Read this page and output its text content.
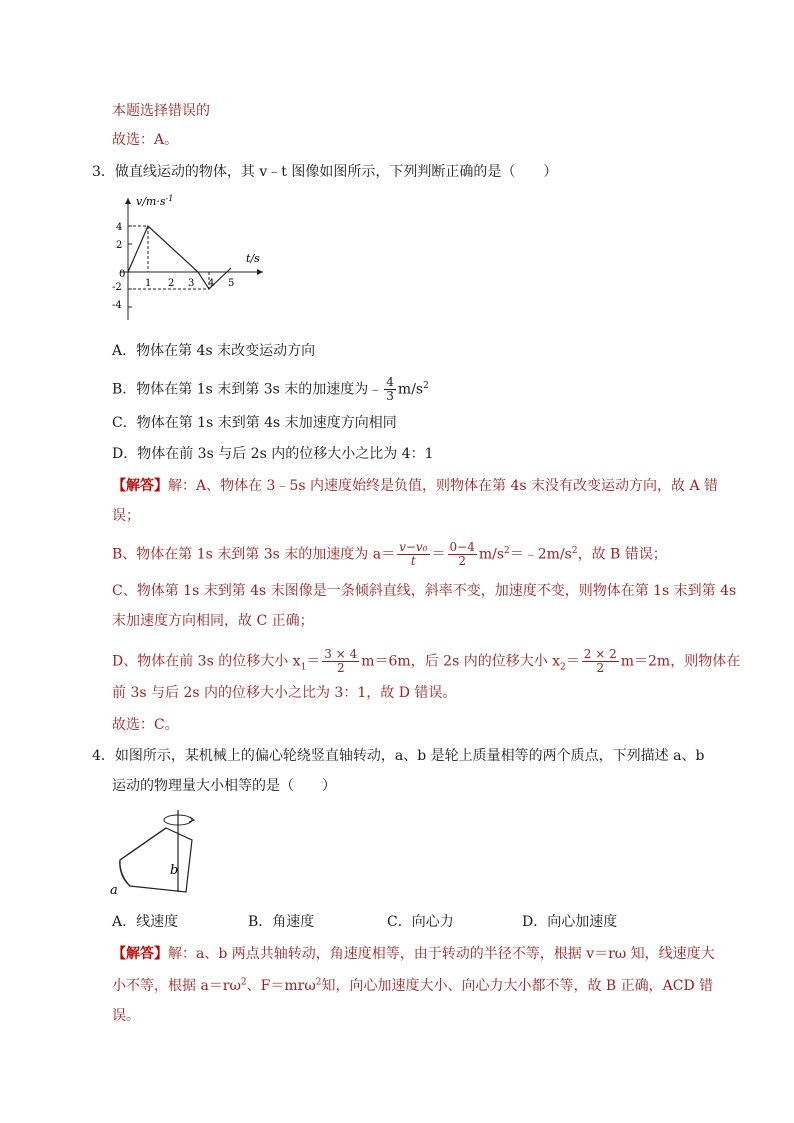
本题选择错误的
故选：A。
3．做直线运动的物体，其 v﹣t 图像如图所示，下列判断正确的是（　　）
$v/m\cdot s^{-1}$
t/s
4
2
0
-2
-4
1 2 3 4 5
A．物体在第 4s 末改变运动方向
B．物体在第 1s 末到第 3s 末的加速度为﹣ $\frac{4}{3} m/s^2$
C．物体在第 1s 末到第 4s 末加速度方向相同
D．物体在前 3s 与后 2s 内的位移大小之比为 4：1
【解答】解：A、物体在 3﹣5s 内速度始终是负值，则物体在第 4s 末没有改变运动方向，故 A 错
误；
B、物体在第 1s 末到第 3s 末的加速度为 $a= \frac{\text{v−v₀}}{t} = \frac{0-4}{2}$ $m/s^2=﹣2m/s^2$，故 B 错误；
C、物体第 1s 末到第 4s 末图像是一条倾斜直线，斜率不变，加速度不变，则物体在第 1s 末到第 4s
末加速度方向相同，故 C 正确；
D、物体在前 3s 的位移大小 $x_1= \frac{3 \times 4}{2} m=6m$，后 2s 内的位移大小 $x_2= \frac{2 \times 2}{2} m=2m$，则物体在
前 3s 与后 2s 内的位移大小之比为 3：1，故 D 错误。
故选：C。
4．如图所示，某机械上的偏心轮绕竖直轴转动，a、b 是轮上质量相等的两个质点，下列描述 a、b
运动的物理量大小相等的是（　　）
b
a
A．线速度	B．角速度	C．向心力	D．向心加速度
【解答】解：a、b 两点共轴转动，角速度相等，由于转动的半径不等，根据 v＝rω 知，线速度大
小不等，根据 $a=r\omega^2$、F＝mrω$^2$知，向心加速度大小、向心力大小都不等，故 B 正确，ACD 错
误。
